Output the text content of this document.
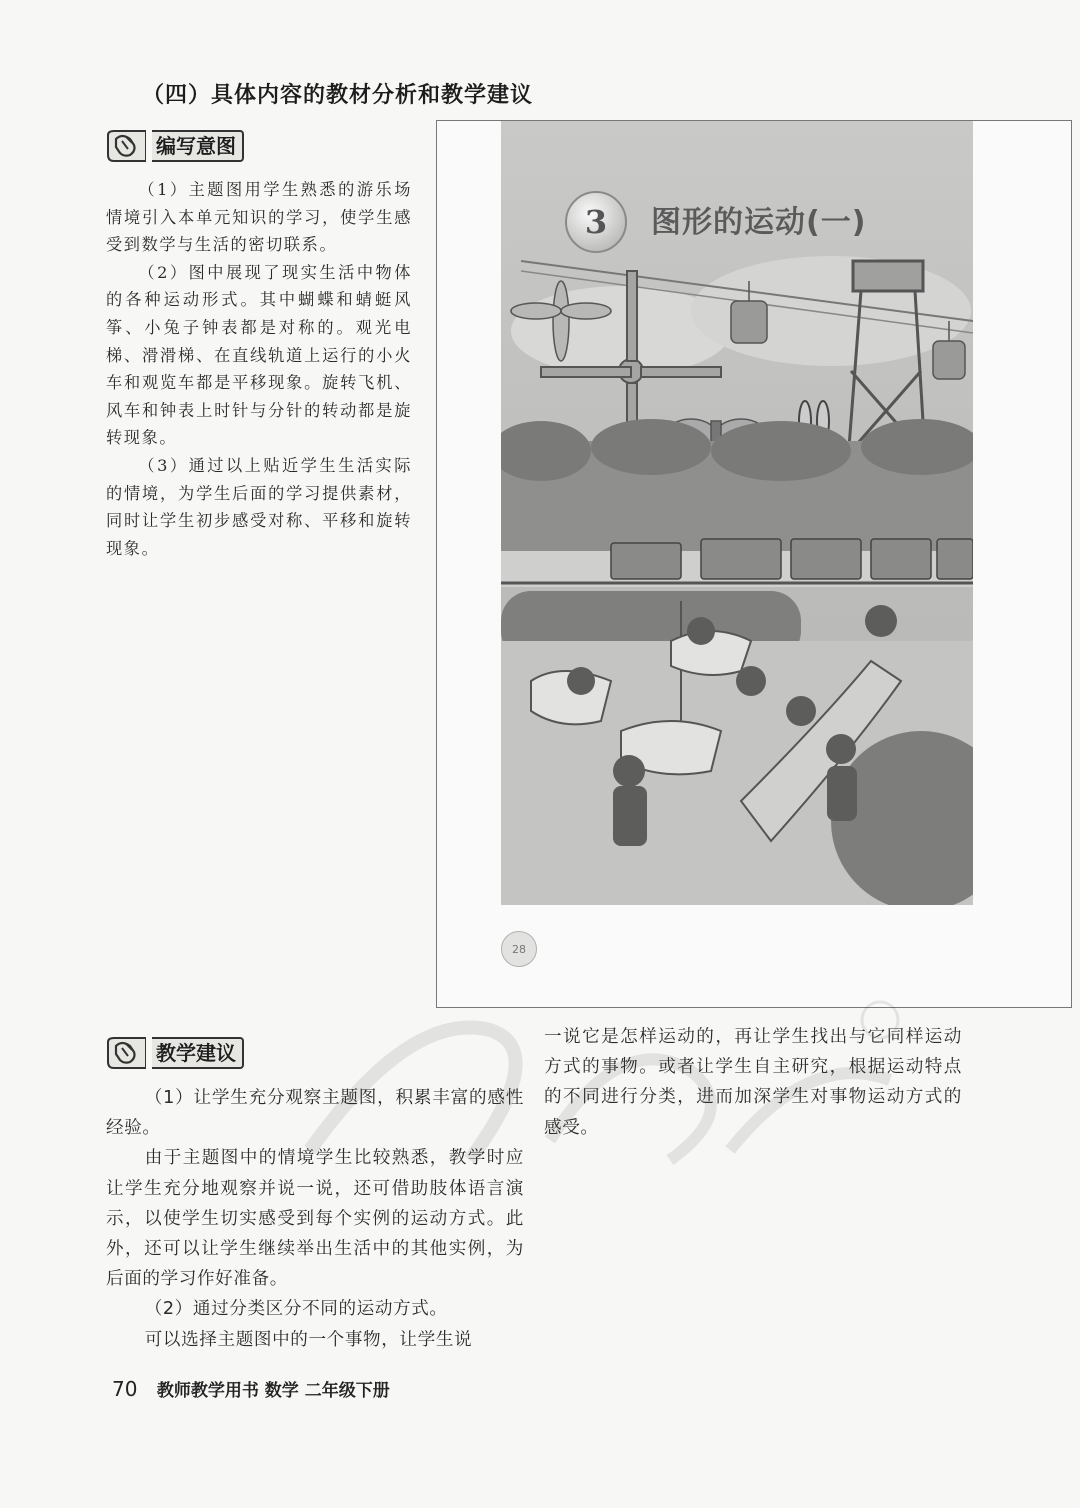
（四）具体内容的教材分析和教学建议
编写意图

（1）主题图用学生熟悉的游乐场情境引入本单元知识的学习，使学生感受到数学与生活的密切联系。

（2）图中展现了现实生活中物体的各种运动形式。其中蝴蝶和蜻蜓风筝、小兔子钟表都是对称的。观光电梯、滑滑梯、在直线轨道上运行的小火车和观览车都是平移现象。旋转飞机、风车和钟表上时针与分针的转动都是旋转现象。

（3）通过以上贴近学生生活实际的情境，为学生后面的学习提供素材，同时让学生初步感受对称、平移和旋转现象。

3	图形的运动(一)
28
教学建议

（1）让学生充分观察主题图，积累丰富的感性经验。

由于主题图中的情境学生比较熟悉，教学时应让学生充分地观察并说一说，还可借助肢体语言演示，以使学生切实感受到每个实例的运动方式。此外，还可以让学生继续举出生活中的其他实例，为后面的学习作好准备。

（2）通过分类区分不同的运动方式。

可以选择主题图中的一个事物，让学生说

一说它是怎样运动的，再让学生找出与它同样运动方式的事物。或者让学生自主研究，根据运动特点的不同进行分类，进而加深学生对事物运动方式的感受。

70 教师教学用书 数学 二年级下册
